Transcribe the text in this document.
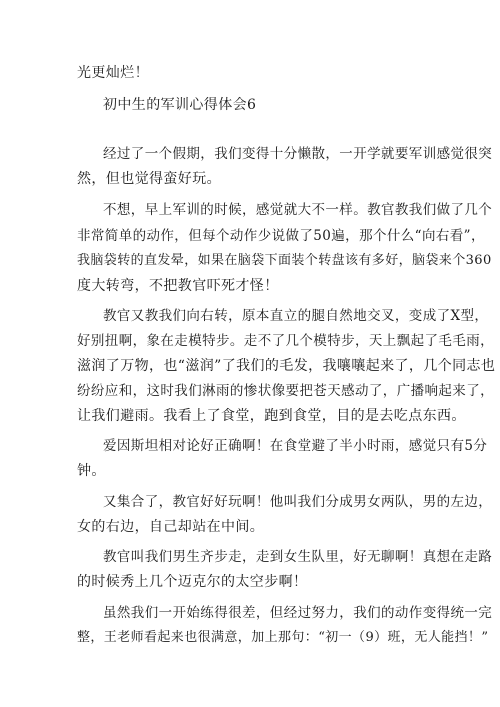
光更灿烂！
初中生的军训心得体会6
经过了一个假期，我们变得十分懒散，一开学就要军训感觉很突
然，但也觉得蛮好玩。
不想，早上军训的时候，感觉就大不一样。教官教我们做了几个
非常简单的动作，但每个动作少说做了50遍，那个什么“向右看”，
我脑袋转的直发晕，如果在脑袋下面装个转盘该有多好，脑袋来个360
度大转弯，不把教官吓死才怪！
教官又教我们向右转，原本直立的腿自然地交叉，变成了X型，
好别扭啊，象在走模特步。走不了几个模特步，天上飘起了毛毛雨，
滋润了万物，也“滋润”了我们的毛发，我嚷嚷起来了，几个同志也
纷纷应和，这时我们淋雨的惨状像要把苍天感动了，广播响起来了，
让我们避雨。我看上了食堂，跑到食堂，目的是去吃点东西。
爱因斯坦相对论好正确啊！在食堂避了半小时雨，感觉只有5分
钟。
又集合了，教官好好玩啊！他叫我们分成男女两队，男的左边，
女的右边，自己却站在中间。
教官叫我们男生齐步走，走到女生队里，好无聊啊！真想在走路
的时候秀上几个迈克尔的太空步啊！
虽然我们一开始练得很差，但经过努力，我们的动作变得统一完
整，王老师看起来也很满意，加上那句：“初一（9）班，无人能挡！”
